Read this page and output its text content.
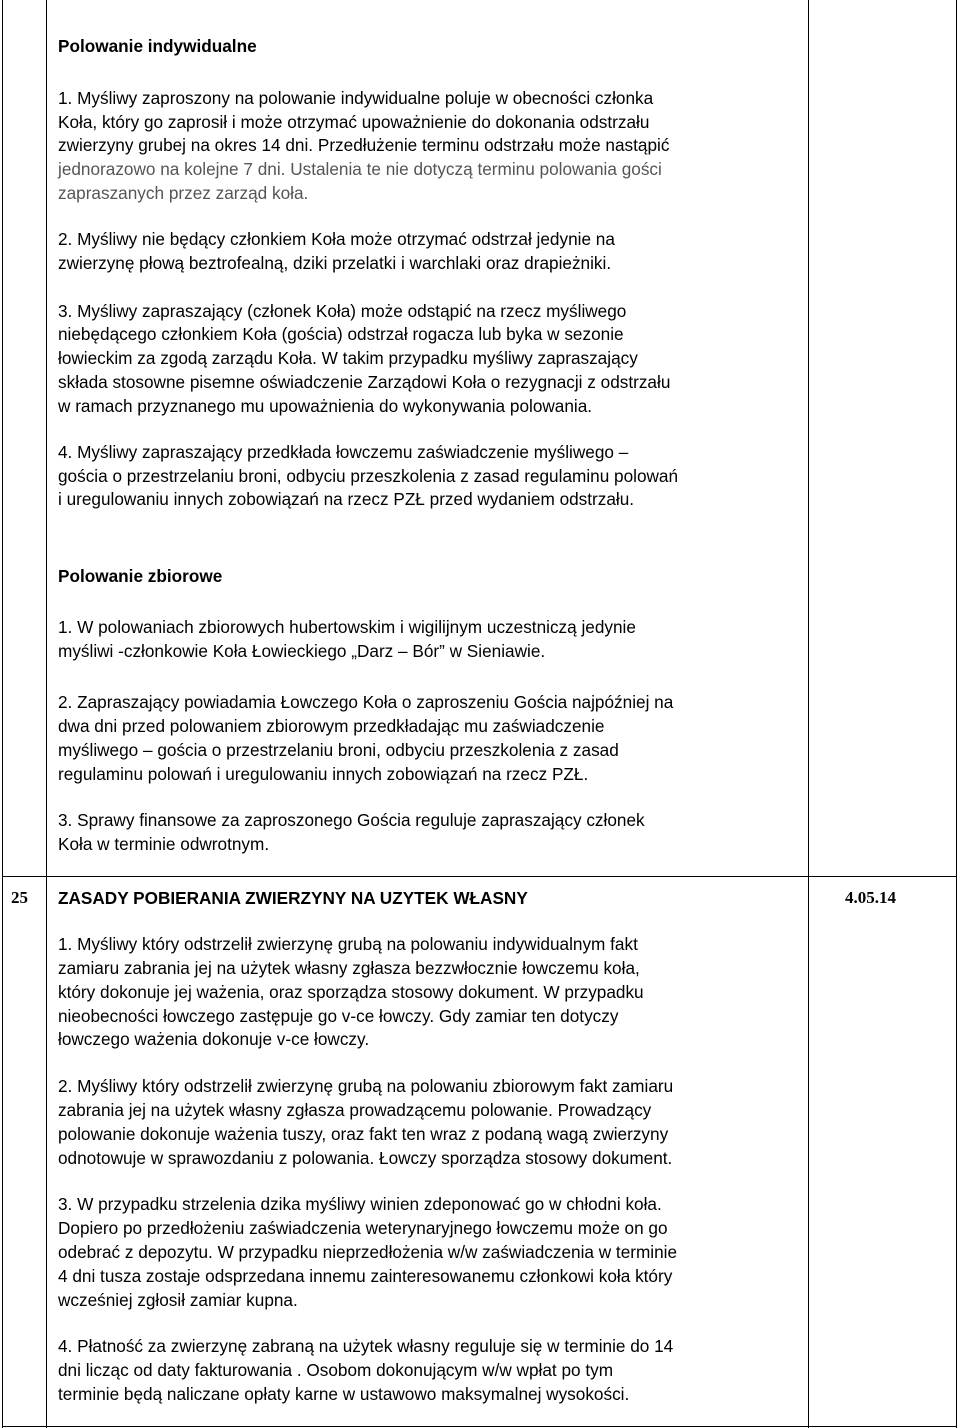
Polowanie indywidualne
1. Myśliwy zaproszony na polowanie indywidualne poluje w obecności członka
Koła, który go zaprosił i może otrzymać upoważnienie do dokonania odstrzału
zwierzyny grubej na okres 14 dni. Przedłużenie terminu odstrzału może nastąpić
jednorazowo na kolejne 7 dni. Ustalenia te nie dotyczą terminu polowania gości
zapraszanych przez zarząd koła.
2. Myśliwy nie będący członkiem Koła może otrzymać odstrzał jedynie na
zwierzynę płową beztrofealną, dziki przelatki i warchlaki oraz drapieżniki.
3. Myśliwy zapraszający (członek Koła) może odstąpić na rzecz myśliwego
niebędącego członkiem Koła (gościa) odstrzał rogacza lub byka w sezonie
łowieckim za zgodą zarządu Koła. W takim przypadku myśliwy zapraszający
składa stosowne pisemne oświadczenie Zarządowi Koła o rezygnacji z odstrzału
w ramach przyznanego mu upoważnienia do wykonywania polowania.
4. Myśliwy zapraszający przedkłada łowczemu zaświadczenie myśliwego –
gościa o przestrzelaniu broni, odbyciu przeszkolenia z zasad regulaminu polowań
i uregulowaniu innych zobowiązań na rzecz PZŁ przed wydaniem odstrzału.
Polowanie zbiorowe
1. W polowaniach zbiorowych hubertowskim i wigilijnym uczestniczą jedynie
myśliwi -członkowie Koła Łowieckiego „Darz – Bór” w Sieniawie.
2. Zapraszający powiadamia Łowczego Koła o zaproszeniu Gościa najpóźniej na
dwa dni przed polowaniem zbiorowym przedkładając mu zaświadczenie
myśliwego – gościa o przestrzelaniu broni, odbyciu przeszkolenia z zasad
regulaminu polowań i uregulowaniu innych zobowiązań na rzecz PZŁ.
3. Sprawy finansowe za zaproszonego Gościa reguluje zapraszający członek
Koła w terminie odwrotnym.
25	4.05.14
ZASADY POBIERANIA ZWIERZYNY NA UZYTEK WŁASNY
1. Myśliwy który odstrzelił zwierzynę grubą na polowaniu indywidualnym fakt
zamiaru zabrania jej na użytek własny zgłasza bezzwłocznie łowczemu koła,
który dokonuje jej ważenia, oraz sporządza stosowy dokument. W przypadku
nieobecności łowczego zastępuje go v-ce łowczy. Gdy zamiar ten dotyczy
łowczego ważenia dokonuje v-ce łowczy.
2. Myśliwy który odstrzelił zwierzynę grubą na polowaniu zbiorowym fakt zamiaru
zabrania jej na użytek własny zgłasza prowadzącemu polowanie. Prowadzący
polowanie dokonuje ważenia tuszy, oraz fakt ten wraz z podaną wagą zwierzyny
odnotowuje w sprawozdaniu z polowania. Łowczy sporządza stosowy dokument.
3. W przypadku strzelenia dzika myśliwy winien zdeponować go w chłodni koła.
Dopiero po przedłożeniu zaświadczenia weterynaryjnego łowczemu może on go
odebrać z depozytu. W przypadku nieprzedłożenia w/w zaświadczenia w terminie
4 dni tusza zostaje odsprzedana innemu zainteresowanemu członkowi koła który
wcześniej zgłosił zamiar kupna.
4. Płatność za zwierzynę zabraną na użytek własny reguluje się w terminie do 14
dni licząc od daty fakturowania . Osobom dokonującym w/w wpłat po tym
terminie będą naliczane opłaty karne w ustawowo maksymalnej wysokości.
